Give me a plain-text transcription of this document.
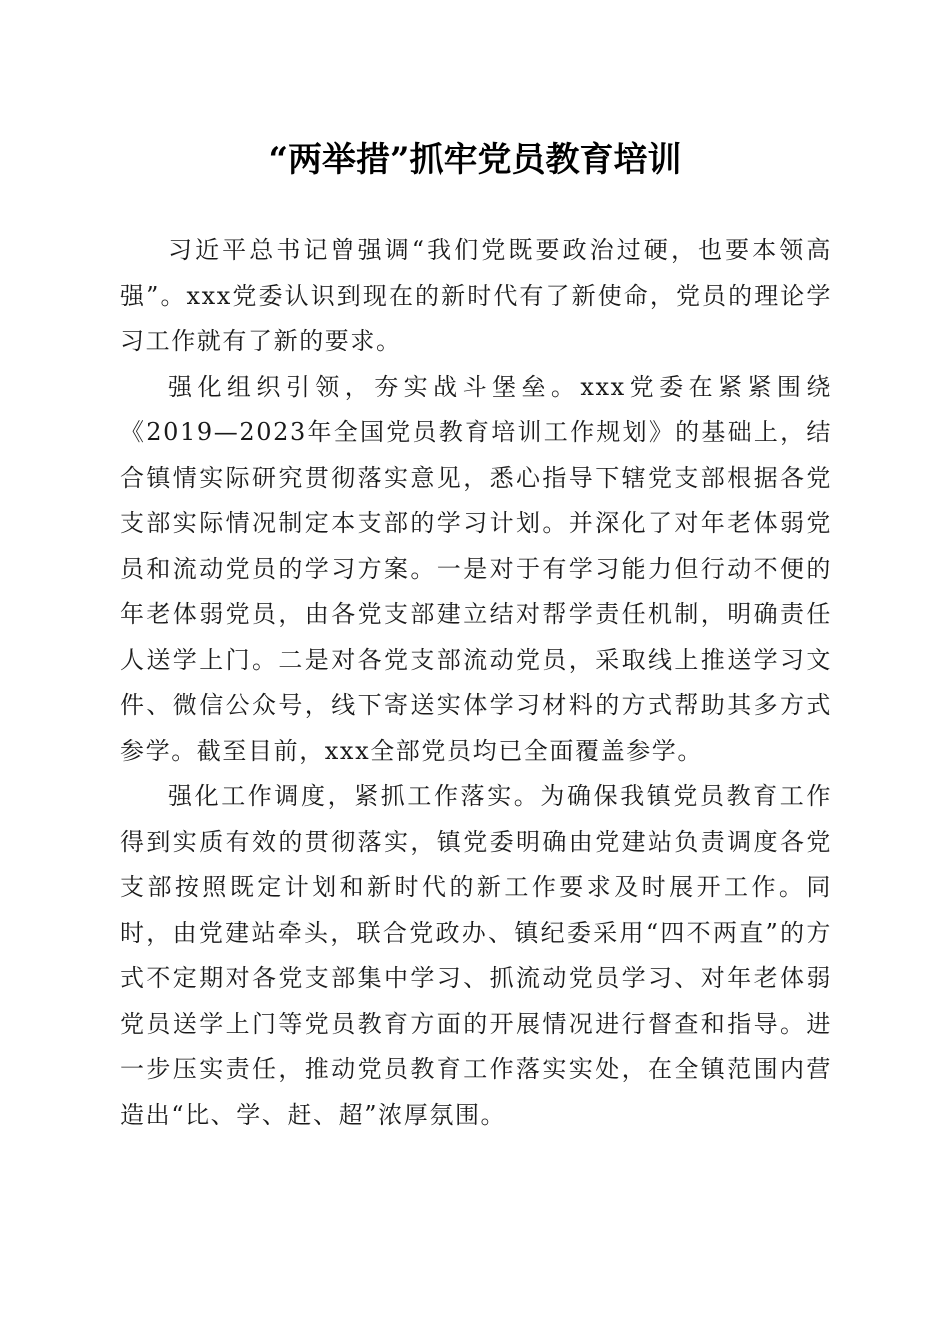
“两举措”抓牢党员教育培训

习近平总书记曾强调“我们党既要政治过硬，也要本领高强”。xxx党委认识到现在的新时代有了新使命，党员的理论学习工作就有了新的要求。

强化组织引领，夯实战斗堡垒。xxx党委在紧紧围绕《2019—2023年全国党员教育培训工作规划》的基础上，结合镇情实际研究贯彻落实意见，悉心指导下辖党支部根据各党支部实际情况制定本支部的学习计划。并深化了对年老体弱党员和流动党员的学习方案。一是对于有学习能力但行动不便的年老体弱党员，由各党支部建立结对帮学责任机制，明确责任人送学上门。二是对各党支部流动党员，采取线上推送学习文件、微信公众号，线下寄送实体学习材料的方式帮助其多方式参学。截至目前，xxx全部党员均已全面覆盖参学。

强化工作调度，紧抓工作落实。为确保我镇党员教育工作得到实质有效的贯彻落实，镇党委明确由党建站负责调度各党支部按照既定计划和新时代的新工作要求及时展开工作。同时，由党建站牵头，联合党政办、镇纪委采用“四不两直”的方式不定期对各党支部集中学习、抓流动党员学习、对年老体弱党员送学上门等党员教育方面的开展情况进行督查和指导。进一步压实责任，推动党员教育工作落实实处，在全镇范围内营造出“比、学、赶、超”浓厚氛围。
